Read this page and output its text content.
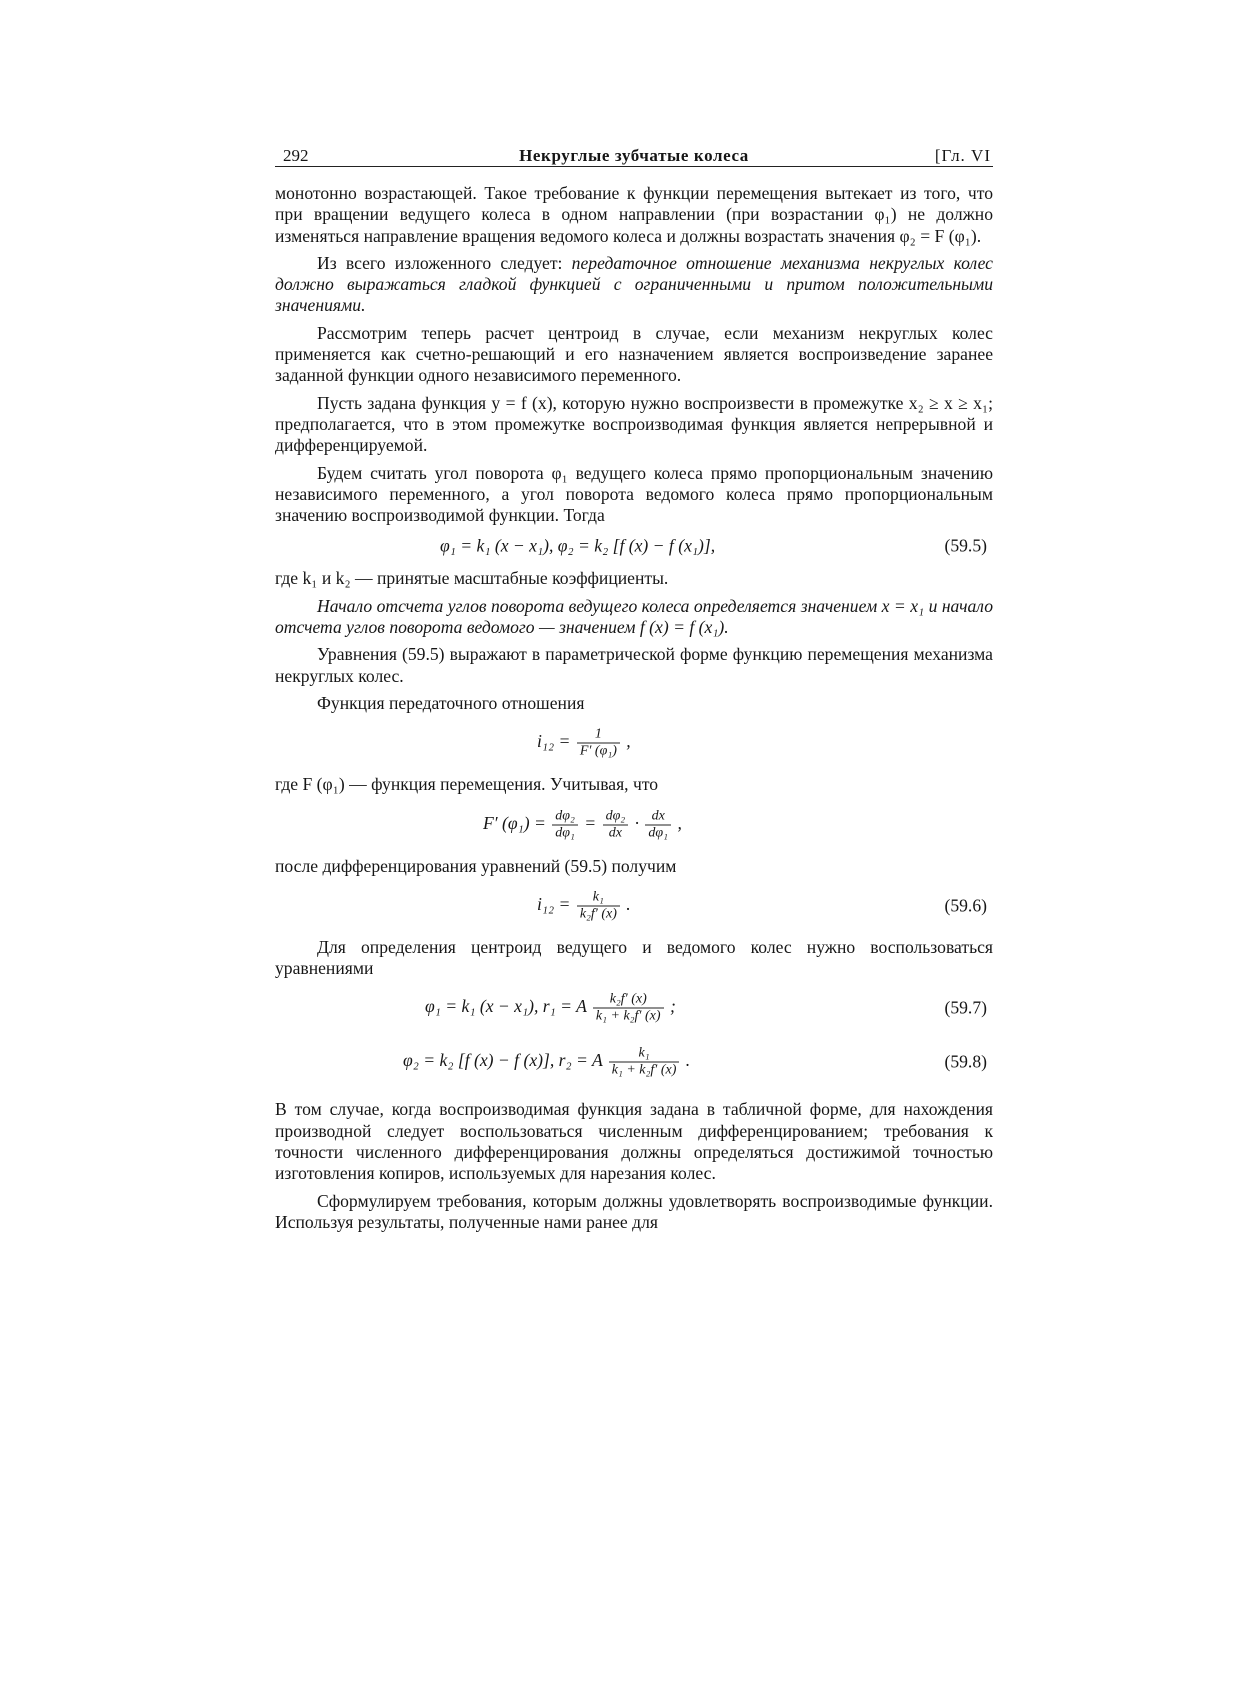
292	Некруглые зубчатые колеса	[Гл. VI

монотонно возрастающей. Такое требование к функции перемещения вытекает из того, что при вращении ведущего колеса в одном направлении (при возрастании φ₁) не должно изменяться направление вращения ведомого колеса и должны возрастать значения φ₂ = F (φ₁).

Из всего изложенного следует: передаточное отношение механизма некруглых колес должно выражаться гладкой функцией с ограниченными и притом положительными значениями.

Рассмотрим теперь расчет центроид в случае, если механизм некруглых колес применяется как счетно-решающий и его назначением является воспроизведение заранее заданной функции одного независимого переменного.

Пусть задана функция y = f (x), которую нужно воспроизвести в промежутке x₂ ≥ x ≥ x₁; предполагается, что в этом промежутке воспроизводимая функция является непрерывной и дифференцируемой.

Будем считать угол поворота φ₁ ведущего колеса прямо пропорциональным значению независимого переменного, а угол поворота ведомого колеса прямо пропорциональным значению воспроизводимой функции. Тогда

φ₁ = k₁ (x − x₁), φ₂ = k₂ [f (x) − f (x₁)],	(59.5)

где k₁ и k₂ — принятые масштабные коэффициенты.

Начало отсчета углов поворота ведущего колеса определяется значением x = x₁ и начало отсчета углов поворота ведомого — значением f (x) = f (x₁).

Уравнения (59.5) выражают в параметрической форме функцию перемещения механизма некруглых колес.

Функция передаточного отношения

$i_{12} = \frac{1}{\text{F′ (φ₁)}}$ ,

где F (φ₁) — функция перемещения. Учитывая, что

F′ $(\varphi_1) = \frac{\text{dφ₂}}{\text{dφ₁}} = \frac{\text{dφ₂}}{dx} \cdot \frac{dx}{\text{dφ₁}}$ ,

после дифференцирования уравнений (59.5) получим

$i_{12} = \frac{\text{k₁}}{\text{k₂f′ (x)}}$ .	(59.6)

Для определения центроид ведущего и ведомого колес нужно воспользоваться уравнениями

φ₁ = k₁ (x − x₁), r₁ = A $\frac{\text{k₂f′ (x)}}{\text{k₁ + k₂f′ (x)}}$ ;	(59.7)
φ₂ = k₂ [f (x) − f (x)], r₂ = A $\frac{\text{k₁}}{\text{k₁ + k₂f′ (x)}}$ .	(59.8)

В том случае, когда воспроизводимая функция задана в табличной форме, для нахождения производной следует воспользоваться численным дифференцированием; требования к точности численного дифференцирования должны определяться достижимой точностью изготовления копиров, используемых для нарезания колес.

Сформулируем требования, которым должны удовлетворять воспроизводимые функции. Используя результаты, полученные нами ранее для
